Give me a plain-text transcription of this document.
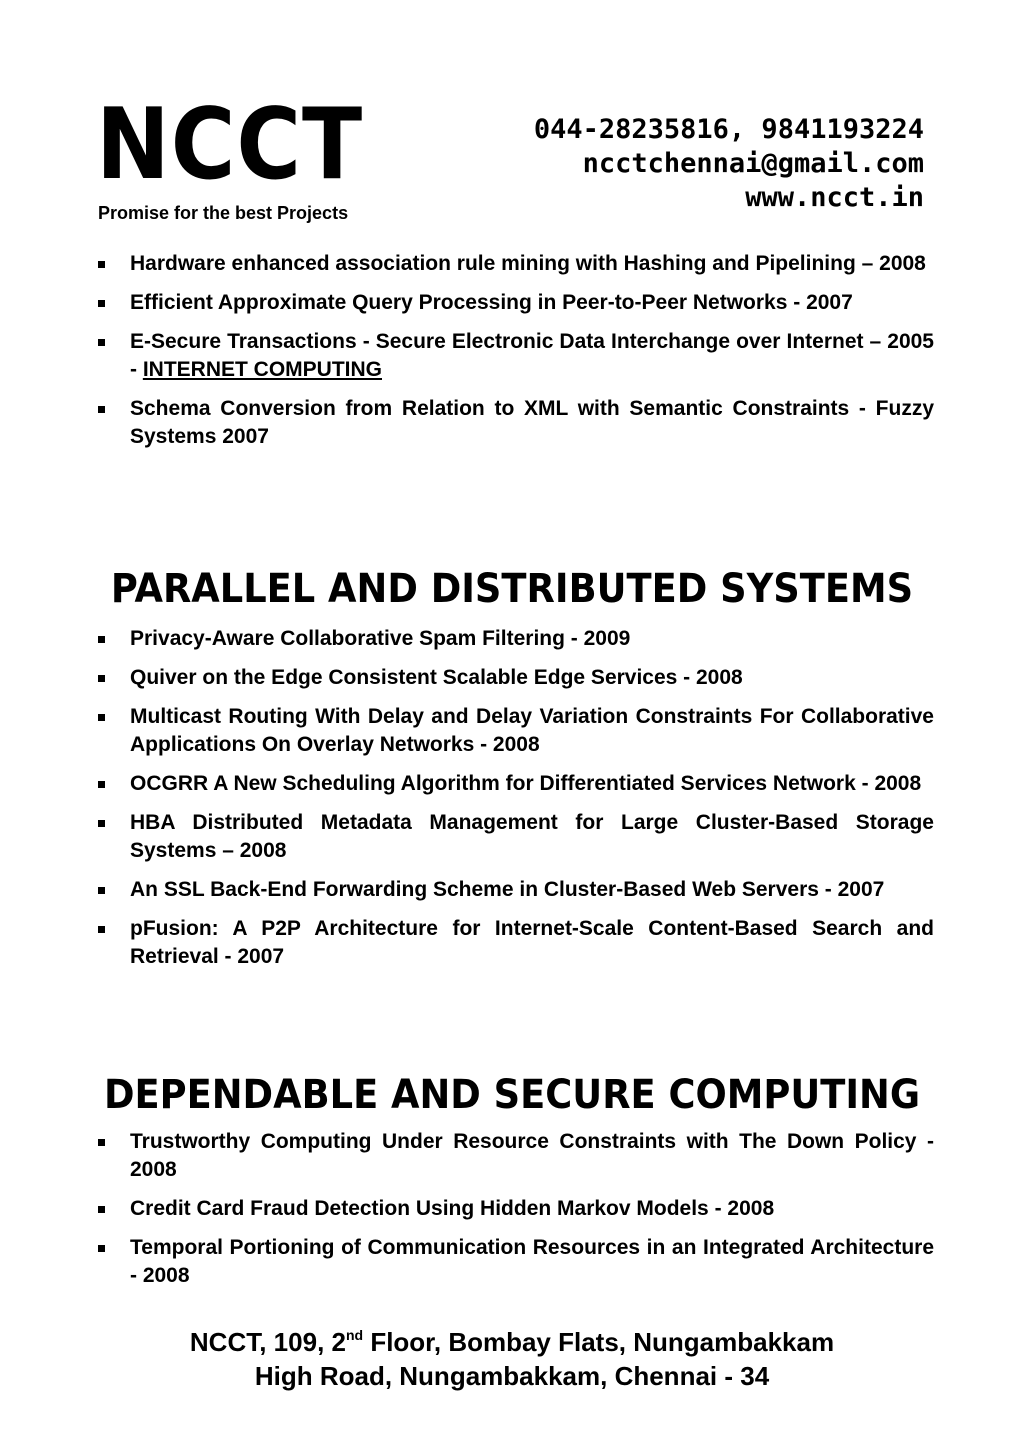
NCCT
Promise for the best Projects
044-28235816, 9841193224
ncctchennai@gmail.com
www.ncct.in
Hardware enhanced association rule mining with Hashing and Pipelining – 2008
Efficient Approximate Query Processing in Peer-to-Peer Networks - 2007
E-Secure Transactions - Secure Electronic Data Interchange over Internet – 2005 - INTERNET COMPUTING
Schema Conversion from Relation to XML with Semantic Constraints - Fuzzy Systems 2007
PARALLEL AND DISTRIBUTED SYSTEMS
Privacy-Aware Collaborative Spam Filtering - 2009
Quiver on the Edge Consistent Scalable Edge Services - 2008
Multicast Routing With Delay and Delay Variation Constraints For Collaborative Applications On Overlay Networks - 2008
OCGRR A New Scheduling Algorithm for Differentiated Services Network - 2008
HBA Distributed Metadata Management for Large Cluster-Based Storage Systems – 2008
An SSL Back-End Forwarding Scheme in Cluster-Based Web Servers - 2007
pFusion: A P2P Architecture for Internet-Scale Content-Based Search and Retrieval - 2007
DEPENDABLE AND SECURE COMPUTING
Trustworthy Computing Under Resource Constraints with The Down Policy - 2008
Credit Card Fraud Detection Using Hidden Markov Models - 2008
Temporal Portioning of Communication Resources in an Integrated Architecture - 2008
NCCT, 109, 2nd Floor, Bombay Flats, Nungambakkam
High Road, Nungambakkam, Chennai - 34
